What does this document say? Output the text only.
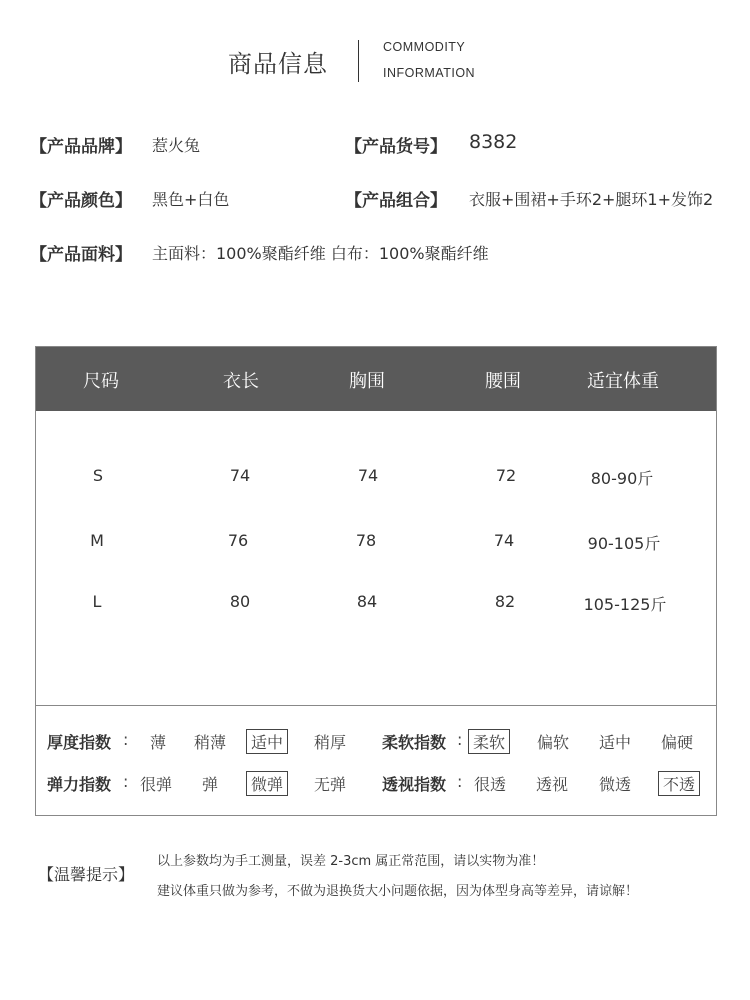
商品信息
COMMODITY
INFORMATION
【产品品牌】 惹火兔	【产品货号】 8382
【产品颜色】 黑色+白色	【产品组合】 衣服+围裙+手环2+腿环1+发饰2
【产品面料】 主面料：100%聚酯纤维 白布：100%聚酯纤维
尺码	衣长	胸围	腰围	适宜体重
S	74	74	72	80-90斤
M	76	78	74	90-105斤
L	80	84	82	105-125斤
厚度指数 : 薄 稍薄	适中	稍厚 柔软指数 : 柔软	偏软 适中 偏硬
弹力指数 : 很弹 弹	微弹	无弹 透视指数 : 很透 透视 微透	不透
【温馨提示】
以上参数均为手工测量，误差 2-3cm 属正常范围，请以实物为准！
建议体重只做为参考，不做为退换货大小问题依据，因为体型身高等差异，请谅解！
